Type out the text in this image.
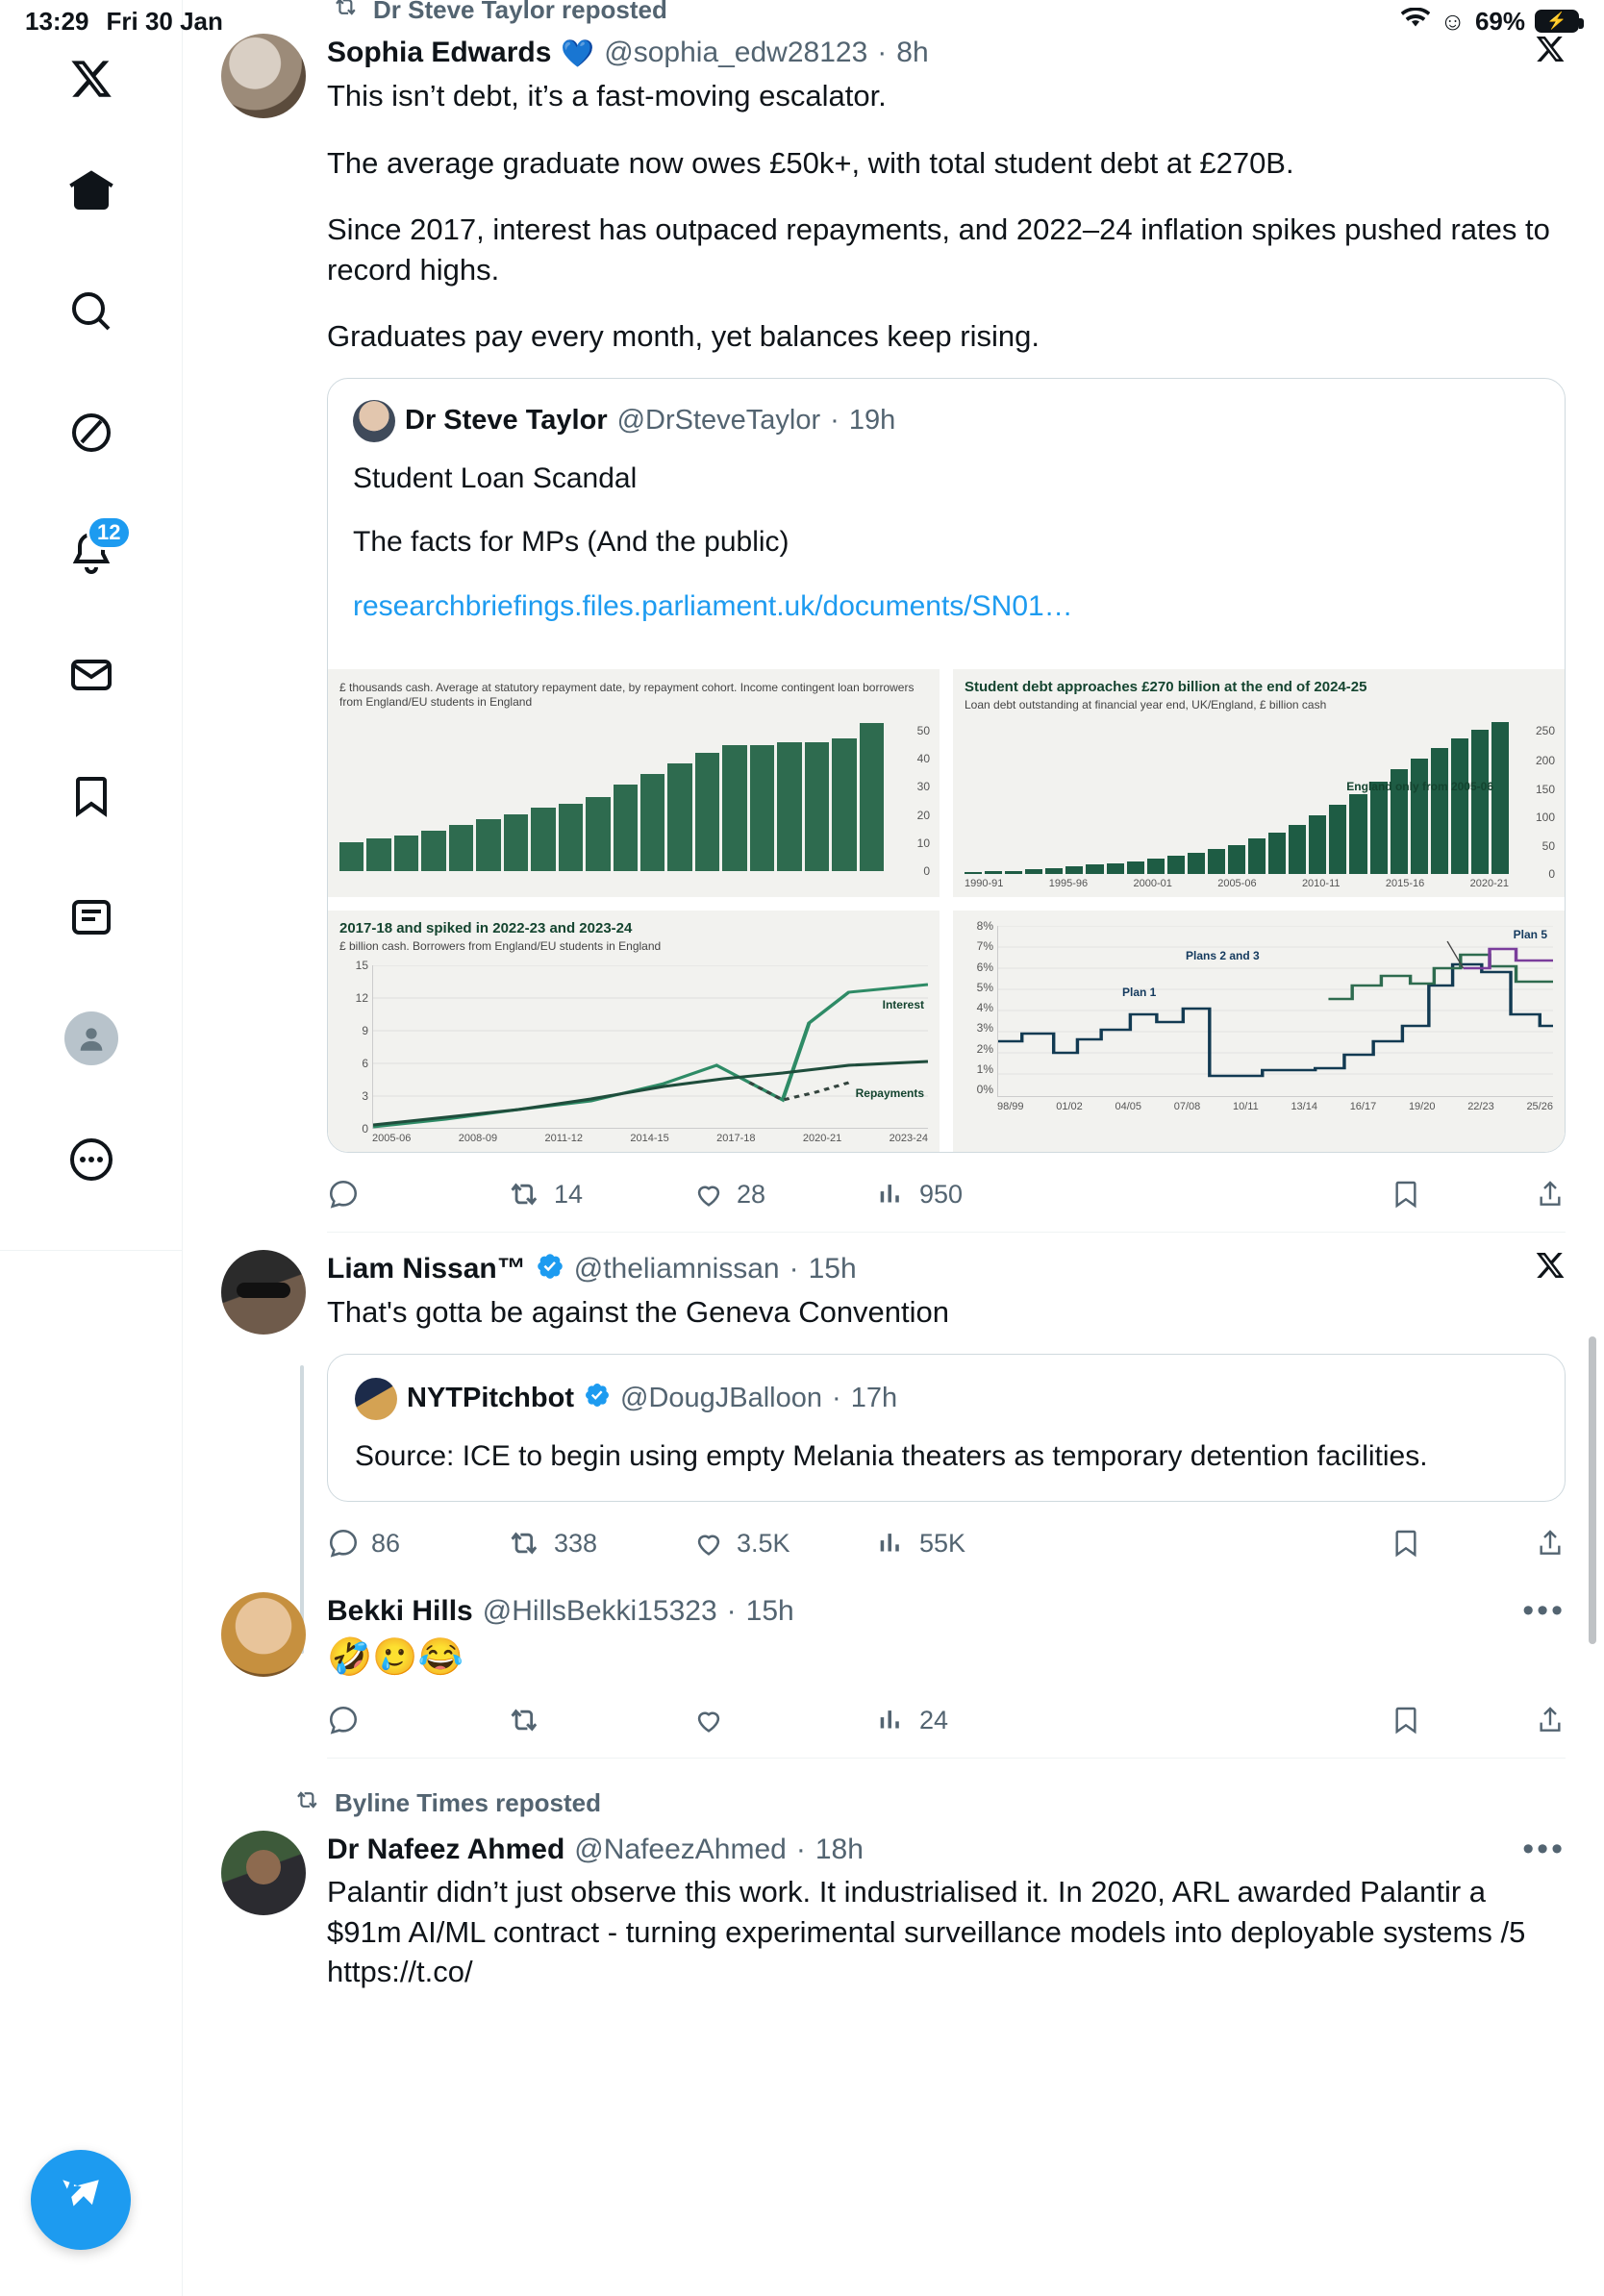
13:29 Fri 30 Jan	☺ 69%	⚡
12
Dr Steve Taylor reposted
Sophia Edwards 💙 @sophia_edw28123 · 8h

This isn’t debt, it’s a fast-moving escalator.

The average graduate now owes £50k+, with total student debt at £270B.

Since 2017, interest has outpaced repayments, and 2022–24 inflation spikes pushed rates to record highs.

Graduates pay every month, yet balances keep rising.

Dr Steve Taylor @DrSteveTaylor · 19h

Student Loan Scandal

The facts for MPs (And the public)

researchbriefings.files.parliament.uk/documents/SN01…

£ thousands cash. Average at statutory repayment date, by repayment cohort. Income contingent loan borrowers from England/EU students in England
50
40
30
20
10
0
Student debt approaches £270 billion at the end of 2024-25
Loan debt outstanding at financial year end, UK/England, £ billion cash
250
200
150
100
50
0
England only from 2005-06
1990-91	1995-96	2000-01	2005-06	2010-11	2015-16	2020-21
2017-18 and spiked in 2022-23 and 2023-24
£ billion cash. Borrowers from England/EU students in England
15
12
9
6
3
0
Interest
Repayments
2005-06	2008-09	2011-12	2014-15	2017-18	2020-21	2023-24
8%
7%
6%
5%
4%
3%
2%
1%
0%
Plan 1
Plans 2 and 3
Plan 5
98/99	01/02	04/05	07/08	10/11	13/14	16/17	19/20	22/23	25/26
14	28	950
Liam Nissan™ @theliamnissan · 15h

That's gotta be against the Geneva Convention

NYTPitchbot @DougJBalloon · 17h

Source: ICE to begin using empty Melania theaters as temporary detention facilities.

86	338	3.5K	55K
Bekki Hills @HillsBekki15323 · 15h	•••

🤣🥲😂

24
Byline Times reposted
Dr Nafeez Ahmed @NafeezAhmed · 18h	•••

Palantir didn’t just observe this work. It industrialised it. In 2020, ARL awarded Palantir a $91m AI/ML contract - turning experimental surveillance models into deployable systems /5 https://t.co/
